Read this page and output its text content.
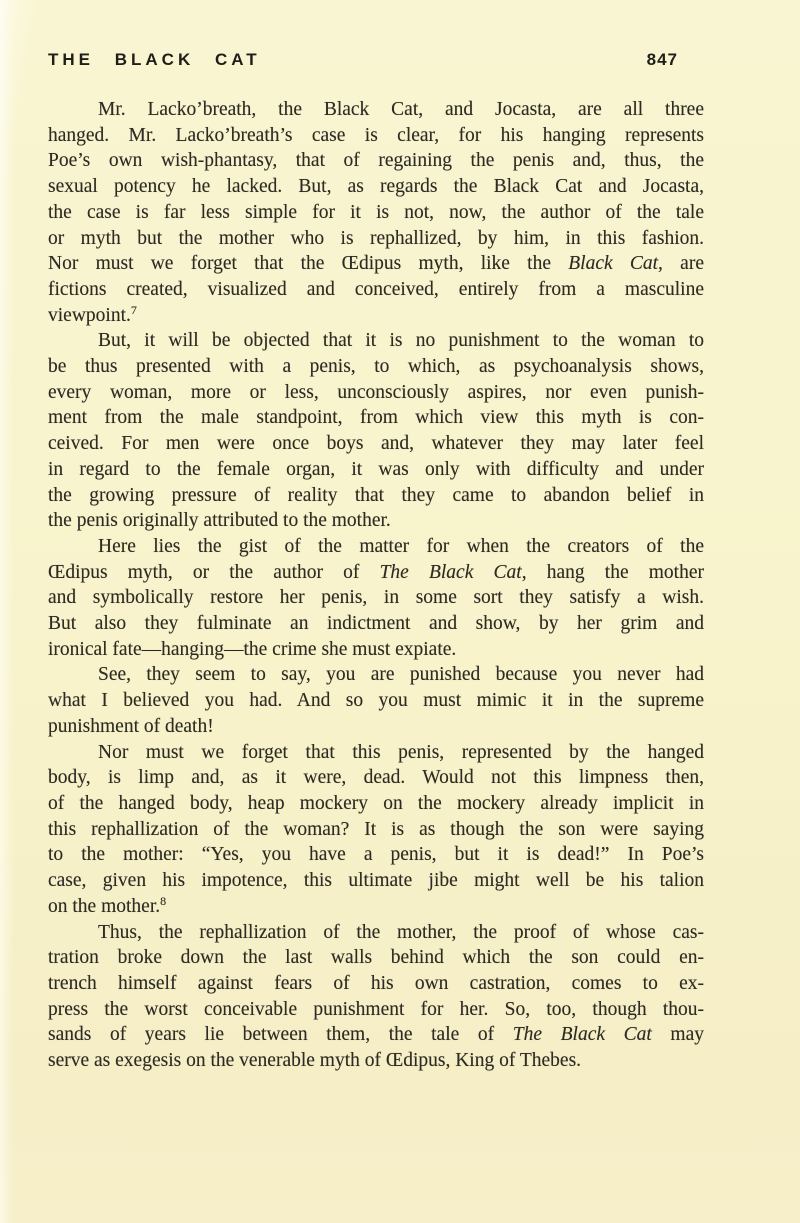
THE BLACK CAT	847
Mr. Lacko’breath, the Black Cat, and Jocasta, are all three
hanged. Mr. Lacko’breath’s case is clear, for his hanging represents
Poe’s own wish-phantasy, that of regaining the penis and, thus, the
sexual potency he lacked. But, as regards the Black Cat and Jocasta,
the case is far less simple for it is not, now, the author of the tale
or myth but the mother who is rephallized, by him, in this fashion.
Nor must we forget that the Œdipus myth, like the Black Cat, are
fictions created, visualized and conceived, entirely from a masculine
viewpoint.$^7$
But, it will be objected that it is no punishment to the woman to
be thus presented with a penis, to which, as psychoanalysis shows,
every woman, more or less, unconsciously aspires, nor even punish-
ment from the male standpoint, from which view this myth is con-
ceived. For men were once boys and, whatever they may later feel
in regard to the female organ, it was only with difficulty and under
the growing pressure of reality that they came to abandon belief in
the penis originally attributed to the mother.
Here lies the gist of the matter for when the creators of the
Œdipus myth, or the author of The Black Cat, hang the mother
and symbolically restore her penis, in some sort they satisfy a wish.
But also they fulminate an indictment and show, by her grim and
ironical fate—hanging—the crime she must expiate.
See, they seem to say, you are punished because you never had
what I believed you had. And so you must mimic it in the supreme
punishment of death!
Nor must we forget that this penis, represented by the hanged
body, is limp and, as it were, dead. Would not this limpness then,
of the hanged body, heap mockery on the mockery already implicit in
this rephallization of the woman? It is as though the son were saying
to the mother: “Yes, you have a penis, but it is dead!” In Poe’s
case, given his impotence, this ultimate jibe might well be his talion
on the mother.$^8$
Thus, the rephallization of the mother, the proof of whose cas-
tration broke down the last walls behind which the son could en-
trench himself against fears of his own castration, comes to ex-
press the worst conceivable punishment for her. So, too, though thou-
sands of years lie between them, the tale of The Black Cat may
serve as exegesis on the venerable myth of Œdipus, King of Thebes.
